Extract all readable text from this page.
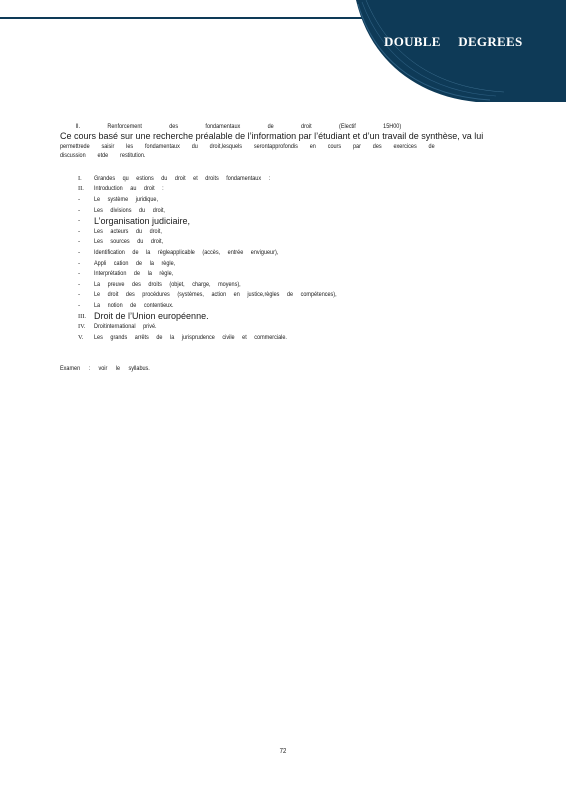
DOUBLE DEGREES
II. Renforcement des fondamentaux de droit (Electif 15H00)
Ce cours basé sur une recherche préalable de l’information par l’étudiant et d’un travail de synthèse, va lui
permettrede saisir les fondamentaux du droit,lesquels serontapprofondis en cours par des exercices de
discussion etde restitution.
I.	Grandes qu estions du droit et droits fondamentaux :
II.	Introduction au droit :
-	Le système juridique,
-	Les divisions du droit,
-	L’organisation judiciaire,
-	Les acteurs du droit,
-	Les sources du droit,
-	Identification de la règleapplicable (accès, entrée envigueur),
-	Appli cation de la règle,
-	Interprétation de la règle,
-	La preuve des droits (objet, charge, moyens),
-	Le droit des procédures (systèmes, action en justice,règles de compétences),
-	La notion de contentieux.
III. Droit de l’Union européenne.
IV.	Droitinternational privé.
V.	Les grands arrêts de la jurisprudence civile et commerciale.
Examen : voir le syllabus.
72
